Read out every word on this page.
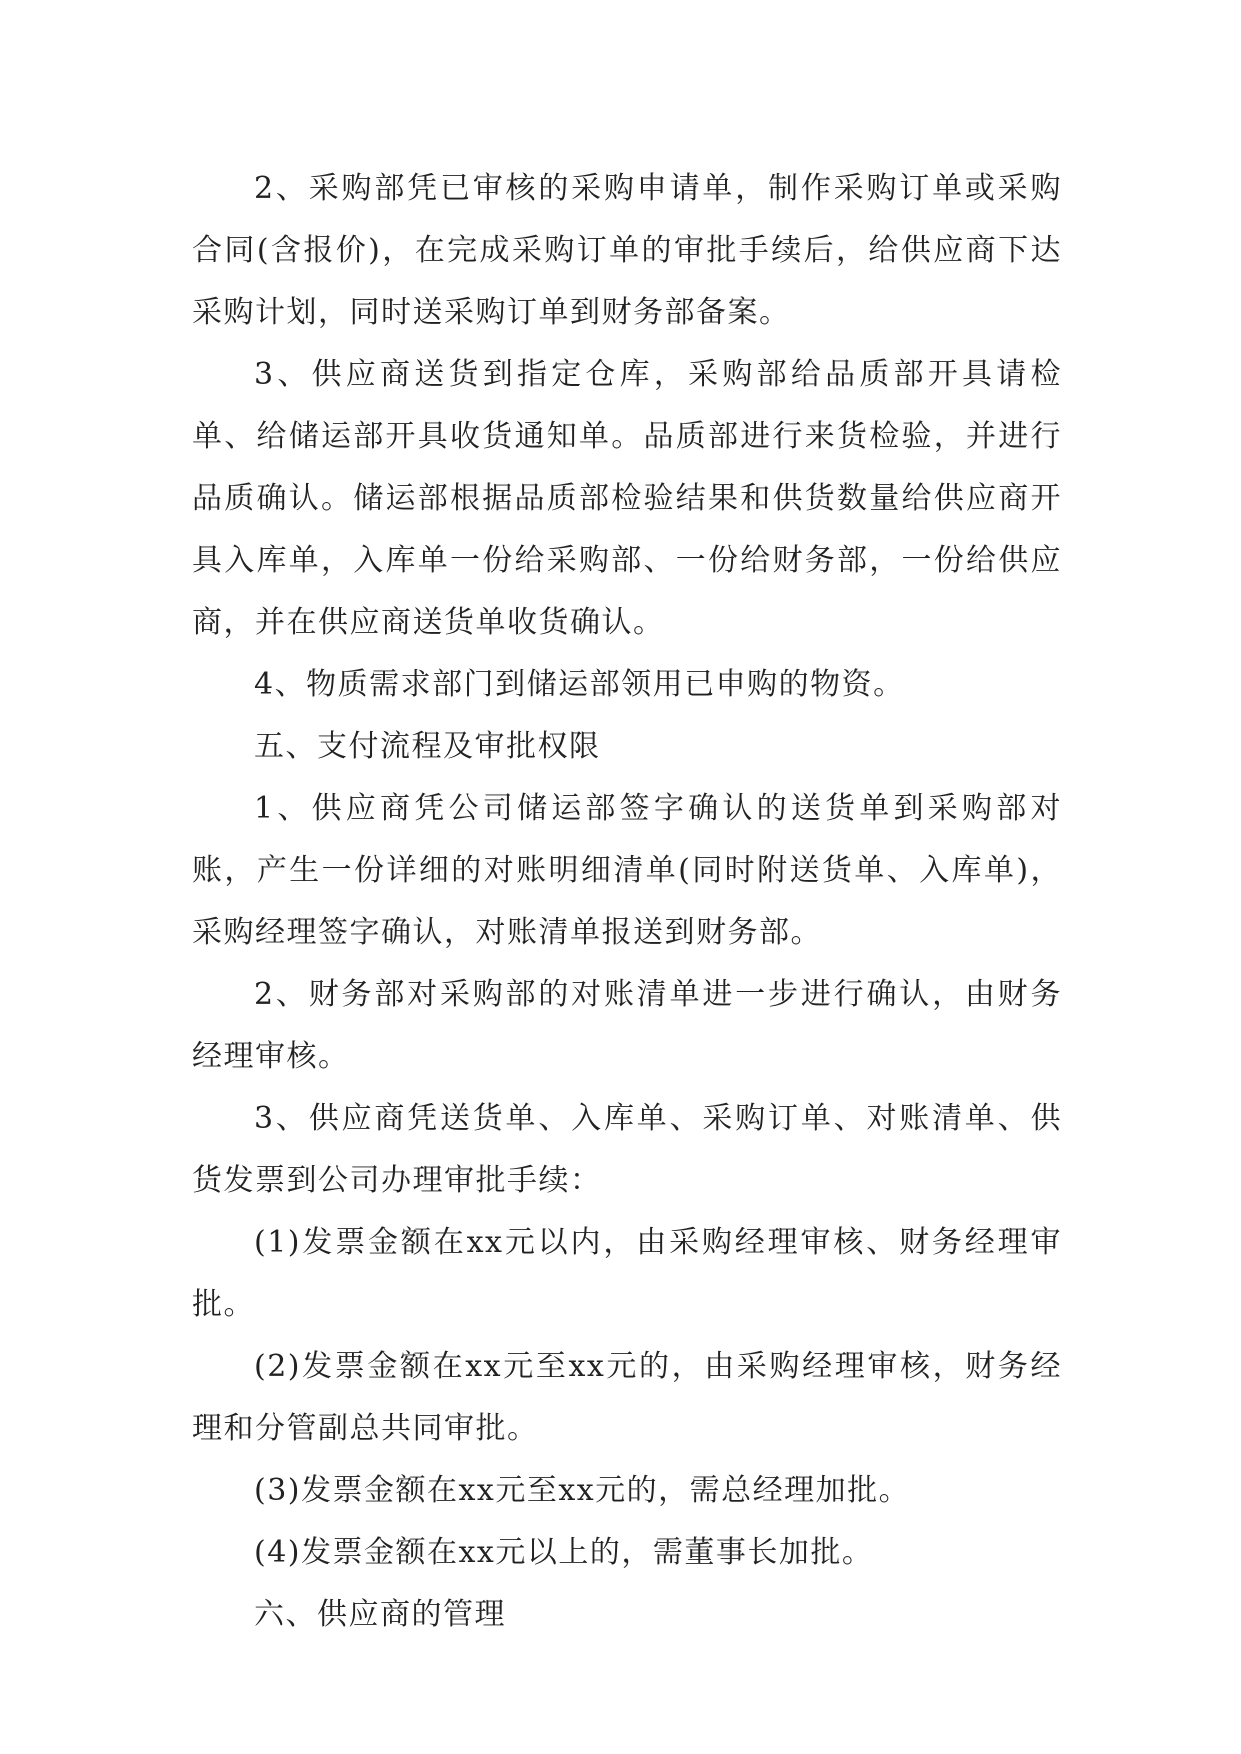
2、采购部凭已审核的采购申请单，制作采购订单或采购合同(含报价)，在完成采购订单的审批手续后，给供应商下达采购计划，同时送采购订单到财务部备案。

3、供应商送货到指定仓库，采购部给品质部开具请检单、给储运部开具收货通知单。品质部进行来货检验，并进行品质确认。储运部根据品质部检验结果和供货数量给供应商开具入库单，入库单一份给采购部、一份给财务部，一份给供应商，并在供应商送货单收货确认。

4、物质需求部门到储运部领用已申购的物资。

五、支付流程及审批权限

1、供应商凭公司储运部签字确认的送货单到采购部对账，产生一份详细的对账明细清单(同时附送货单、入库单)，采购经理签字确认，对账清单报送到财务部。

2、财务部对采购部的对账清单进一步进行确认，由财务经理审核。

3、供应商凭送货单、入库单、采购订单、对账清单、供货发票到公司办理审批手续：

(1)发票金额在xx元以内，由采购经理审核、财务经理审批。

(2)发票金额在xx元至xx元的，由采购经理审核，财务经理和分管副总共同审批。

(3)发票金额在xx元至xx元的，需总经理加批。

(4)发票金额在xx元以上的，需董事长加批。

六、供应商的管理
